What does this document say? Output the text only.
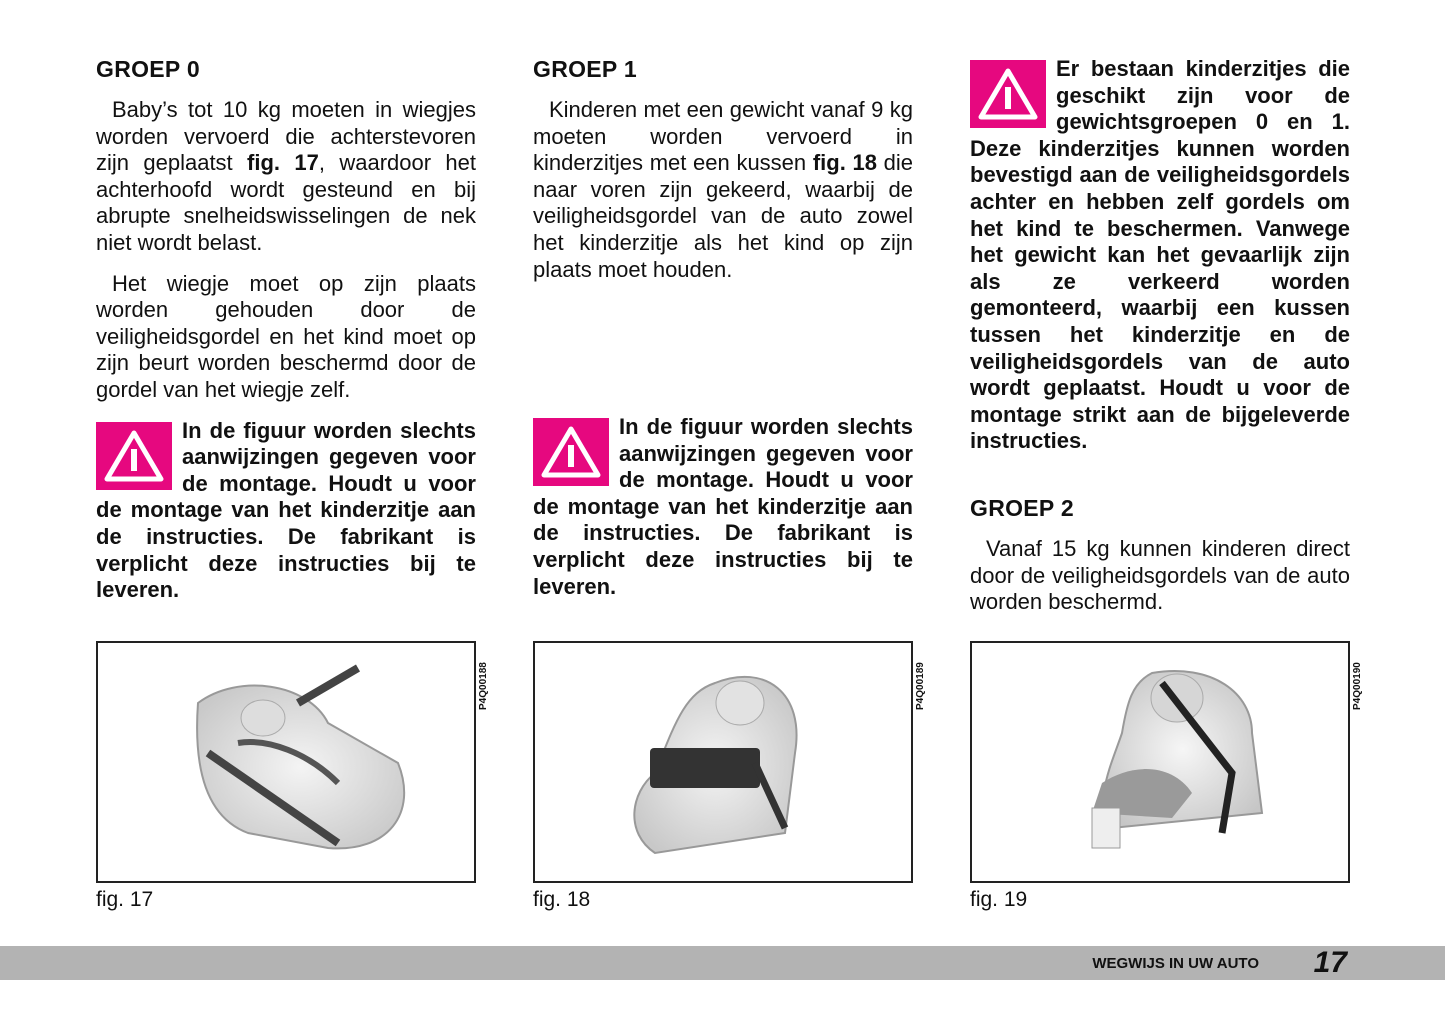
GROEP 0

Baby’s tot 10 kg moeten in wiegjes worden vervoerd die achterstevoren zijn geplaatst fig. 17, waardoor het achterhoofd wordt gesteund en bij abrupte snelheidswisselingen de nek niet wordt belast.

Het wiegje moet op zijn plaats worden gehouden door de veiligheidsgordel en het kind moet op zijn beurt worden beschermd door de gordel van het wiegje zelf.

In de figuur worden slechts aanwijzingen gegeven voor de montage. Houdt u voor de montage van het kinderzitje aan de instructies. De fabrikant is verplicht deze instructies bij te leveren.

GROEP 1

Kinderen met een gewicht vanaf 9 kg moeten worden vervoerd in kinderzitjes met een kussen fig. 18 die naar voren zijn gekeerd, waarbij de veiligheidsgordel van de auto zowel het kinderzitje als het kind op zijn plaats moet houden.

In de figuur worden slechts aanwijzingen gegeven voor de montage. Houdt u voor de montage van het kinderzitje aan de instructies. De fabrikant is verplicht deze instructies bij te leveren.

Er bestaan kinderzitjes die geschikt zijn voor de gewichtsgroepen 0 en 1. Deze kinderzitjes kunnen worden bevestigd aan de veiligheidsgordels achter en hebben zelf gordels om het kind te beschermen. Vanwege het gewicht kan het gevaarlijk zijn als ze verkeerd worden gemonteerd, waarbij een kussen tussen het kinderzitje en de veiligheidsgordels van de auto wordt geplaatst. Houdt u voor de montage strikt aan de bijgeleverde instructies.

GROEP 2

Vanaf 15 kg kunnen kinderen direct door de veiligheidsgordels van de auto worden beschermd.

P4Q00188	P4Q00189	P4Q00190
fig. 17	fig. 18	fig. 19
WEGWIJS IN UW AUTO 17
